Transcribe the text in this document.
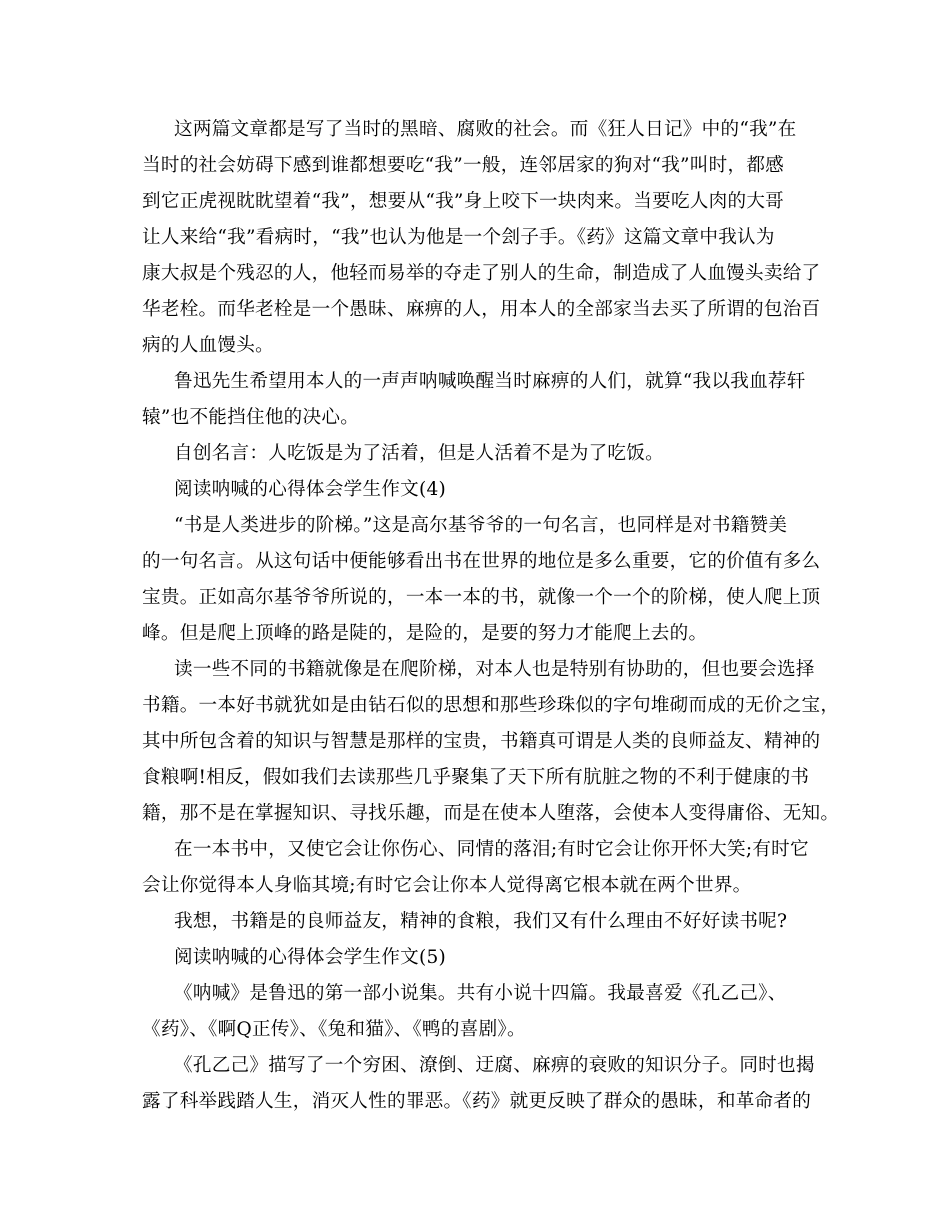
这两篇文章都是写了当时的黑暗、腐败的社会。而《狂人日记》中的“我”在
当时的社会妨碍下感到谁都想要吃“我”一般，连邻居家的狗对“我”叫时，都感
到它正虎视眈眈望着“我”，想要从“我”身上咬下一块肉来。当要吃人肉的大哥
让人来给“我”看病时，“我”也认为他是一个刽子手。《药》这篇文章中我认为
康大叔是个残忍的人，他轻而易举的夺走了别人的生命，制造成了人血馒头卖给了
华老栓。而华老栓是一个愚昧、麻痹的人，用本人的全部家当去买了所谓的包治百
病的人血馒头。
鲁迅先生希望用本人的一声声呐喊唤醒当时麻痹的人们，就算“我以我血荐轩
辕”也不能挡住他的决心。
自创名言：人吃饭是为了活着，但是人活着不是为了吃饭。
阅读呐喊的心得体会学生作文(4)
“书是人类进步的阶梯。”这是高尔基爷爷的一句名言，也同样是对书籍赞美
的一句名言。从这句话中便能够看出书在世界的地位是多么重要，它的价值有多么
宝贵。正如高尔基爷爷所说的，一本一本的书，就像一个一个的阶梯，使人爬上顶
峰。但是爬上顶峰的路是陡的，是险的，是要的努力才能爬上去的。
读一些不同的书籍就像是在爬阶梯，对本人也是特别有协助的，但也要会选择
书籍。一本好书就犹如是由钻石似的思想和那些珍珠似的字句堆砌而成的无价之宝，
其中所包含着的知识与智慧是那样的宝贵，书籍真可谓是人类的良师益友、精神的
食粮啊!相反，假如我们去读那些几乎聚集了天下所有肮脏之物的不利于健康的书
籍，那不是在掌握知识、寻找乐趣，而是在使本人堕落，会使本人变得庸俗、无知。
在一本书中，又使它会让你伤心、同情的落泪;有时它会让你开怀大笑;有时它
会让你觉得本人身临其境;有时它会让你本人觉得离它根本就在两个世界。
我想，书籍是的良师益友，精神的食粮，我们又有什么理由不好好读书呢?
阅读呐喊的心得体会学生作文(5)
《呐喊》是鲁迅的第一部小说集。共有小说十四篇。我最喜爱《孔乙己》、
《药》、《啊Q正传》、《兔和猫》、《鸭的喜剧》。
《孔乙己》描写了一个穷困、潦倒、迂腐、麻痹的衰败的知识分子。同时也揭
露了科举践踏人生，消灭人性的罪恶。《药》就更反映了群众的愚昧，和革命者的
